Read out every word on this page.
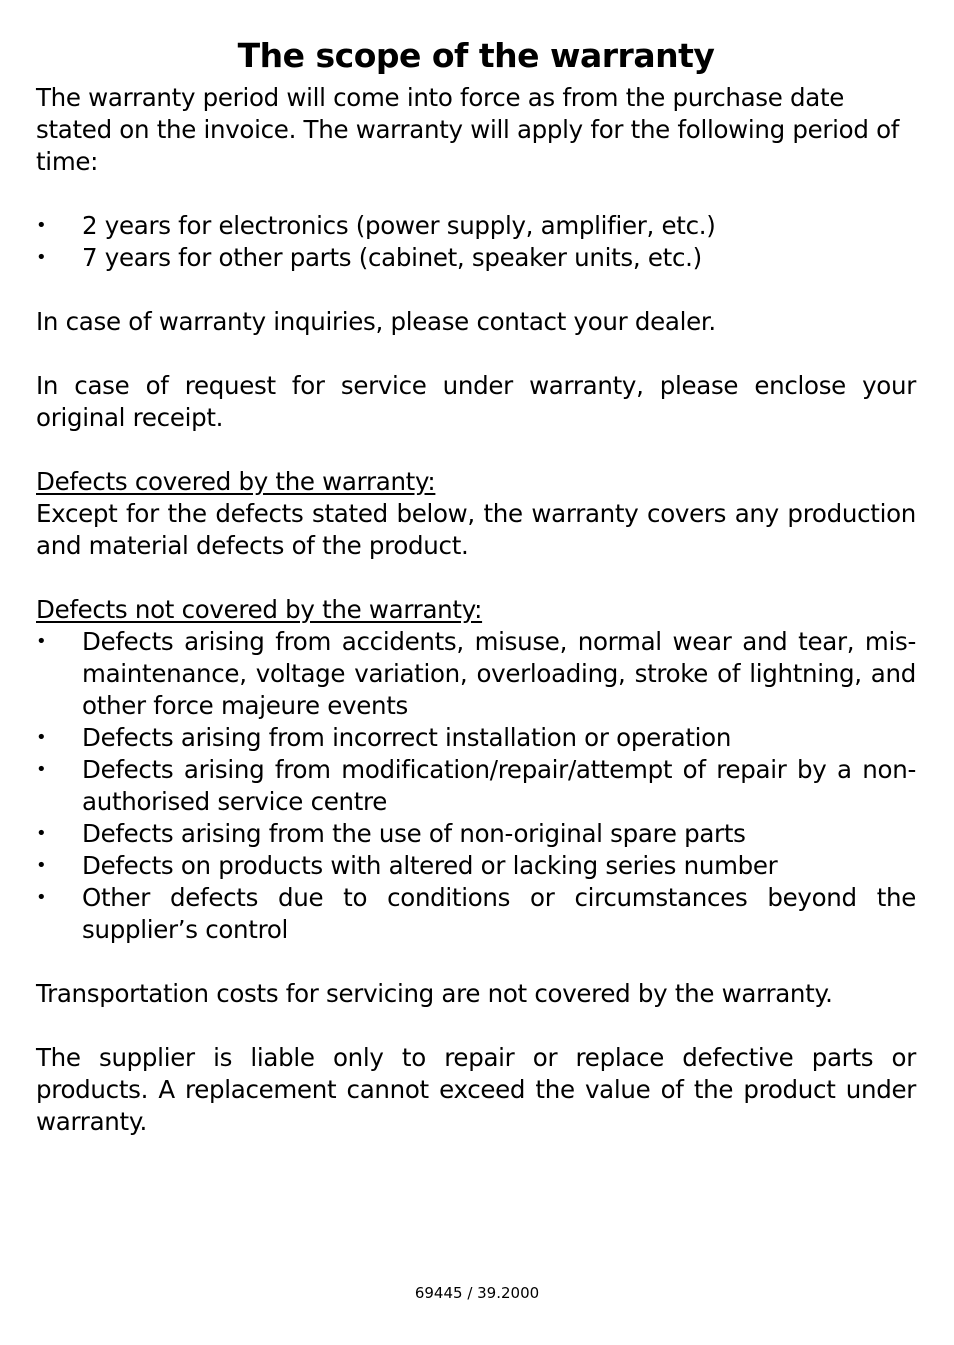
The scope of the warranty

The warranty period will come into force as from the purchase date stated on the invoice. The warranty will apply for the following period of time:

• 2 years for electronics (power supply, amplifier, etc.)
• 7 years for other parts (cabinet, speaker units, etc.)

In case of warranty inquiries, please contact your dealer.

In case of request for service under warranty, please enclose your original receipt.

Defects covered by the warranty:

Except for the defects stated below, the warranty covers any production and material defects of the product.

Defects not covered by the warranty:

• Defects arising from accidents, misuse, normal wear and tear, mis-maintenance, voltage variation, overloading, stroke of lightning, and other force majeure events
• Defects arising from incorrect installation or operation
• Defects arising from modification/repair/attempt of repair by a non-authorised service centre
• Defects arising from the use of non-original spare parts
• Defects on products with altered or lacking series number
• Other defects due to conditions or circumstances beyond the supplier’s control

Transportation costs for servicing are not covered by the warranty.

The supplier is liable only to repair or replace defective parts or products. A replacement cannot exceed the value of the product under warranty.

69445 / 39.2000
